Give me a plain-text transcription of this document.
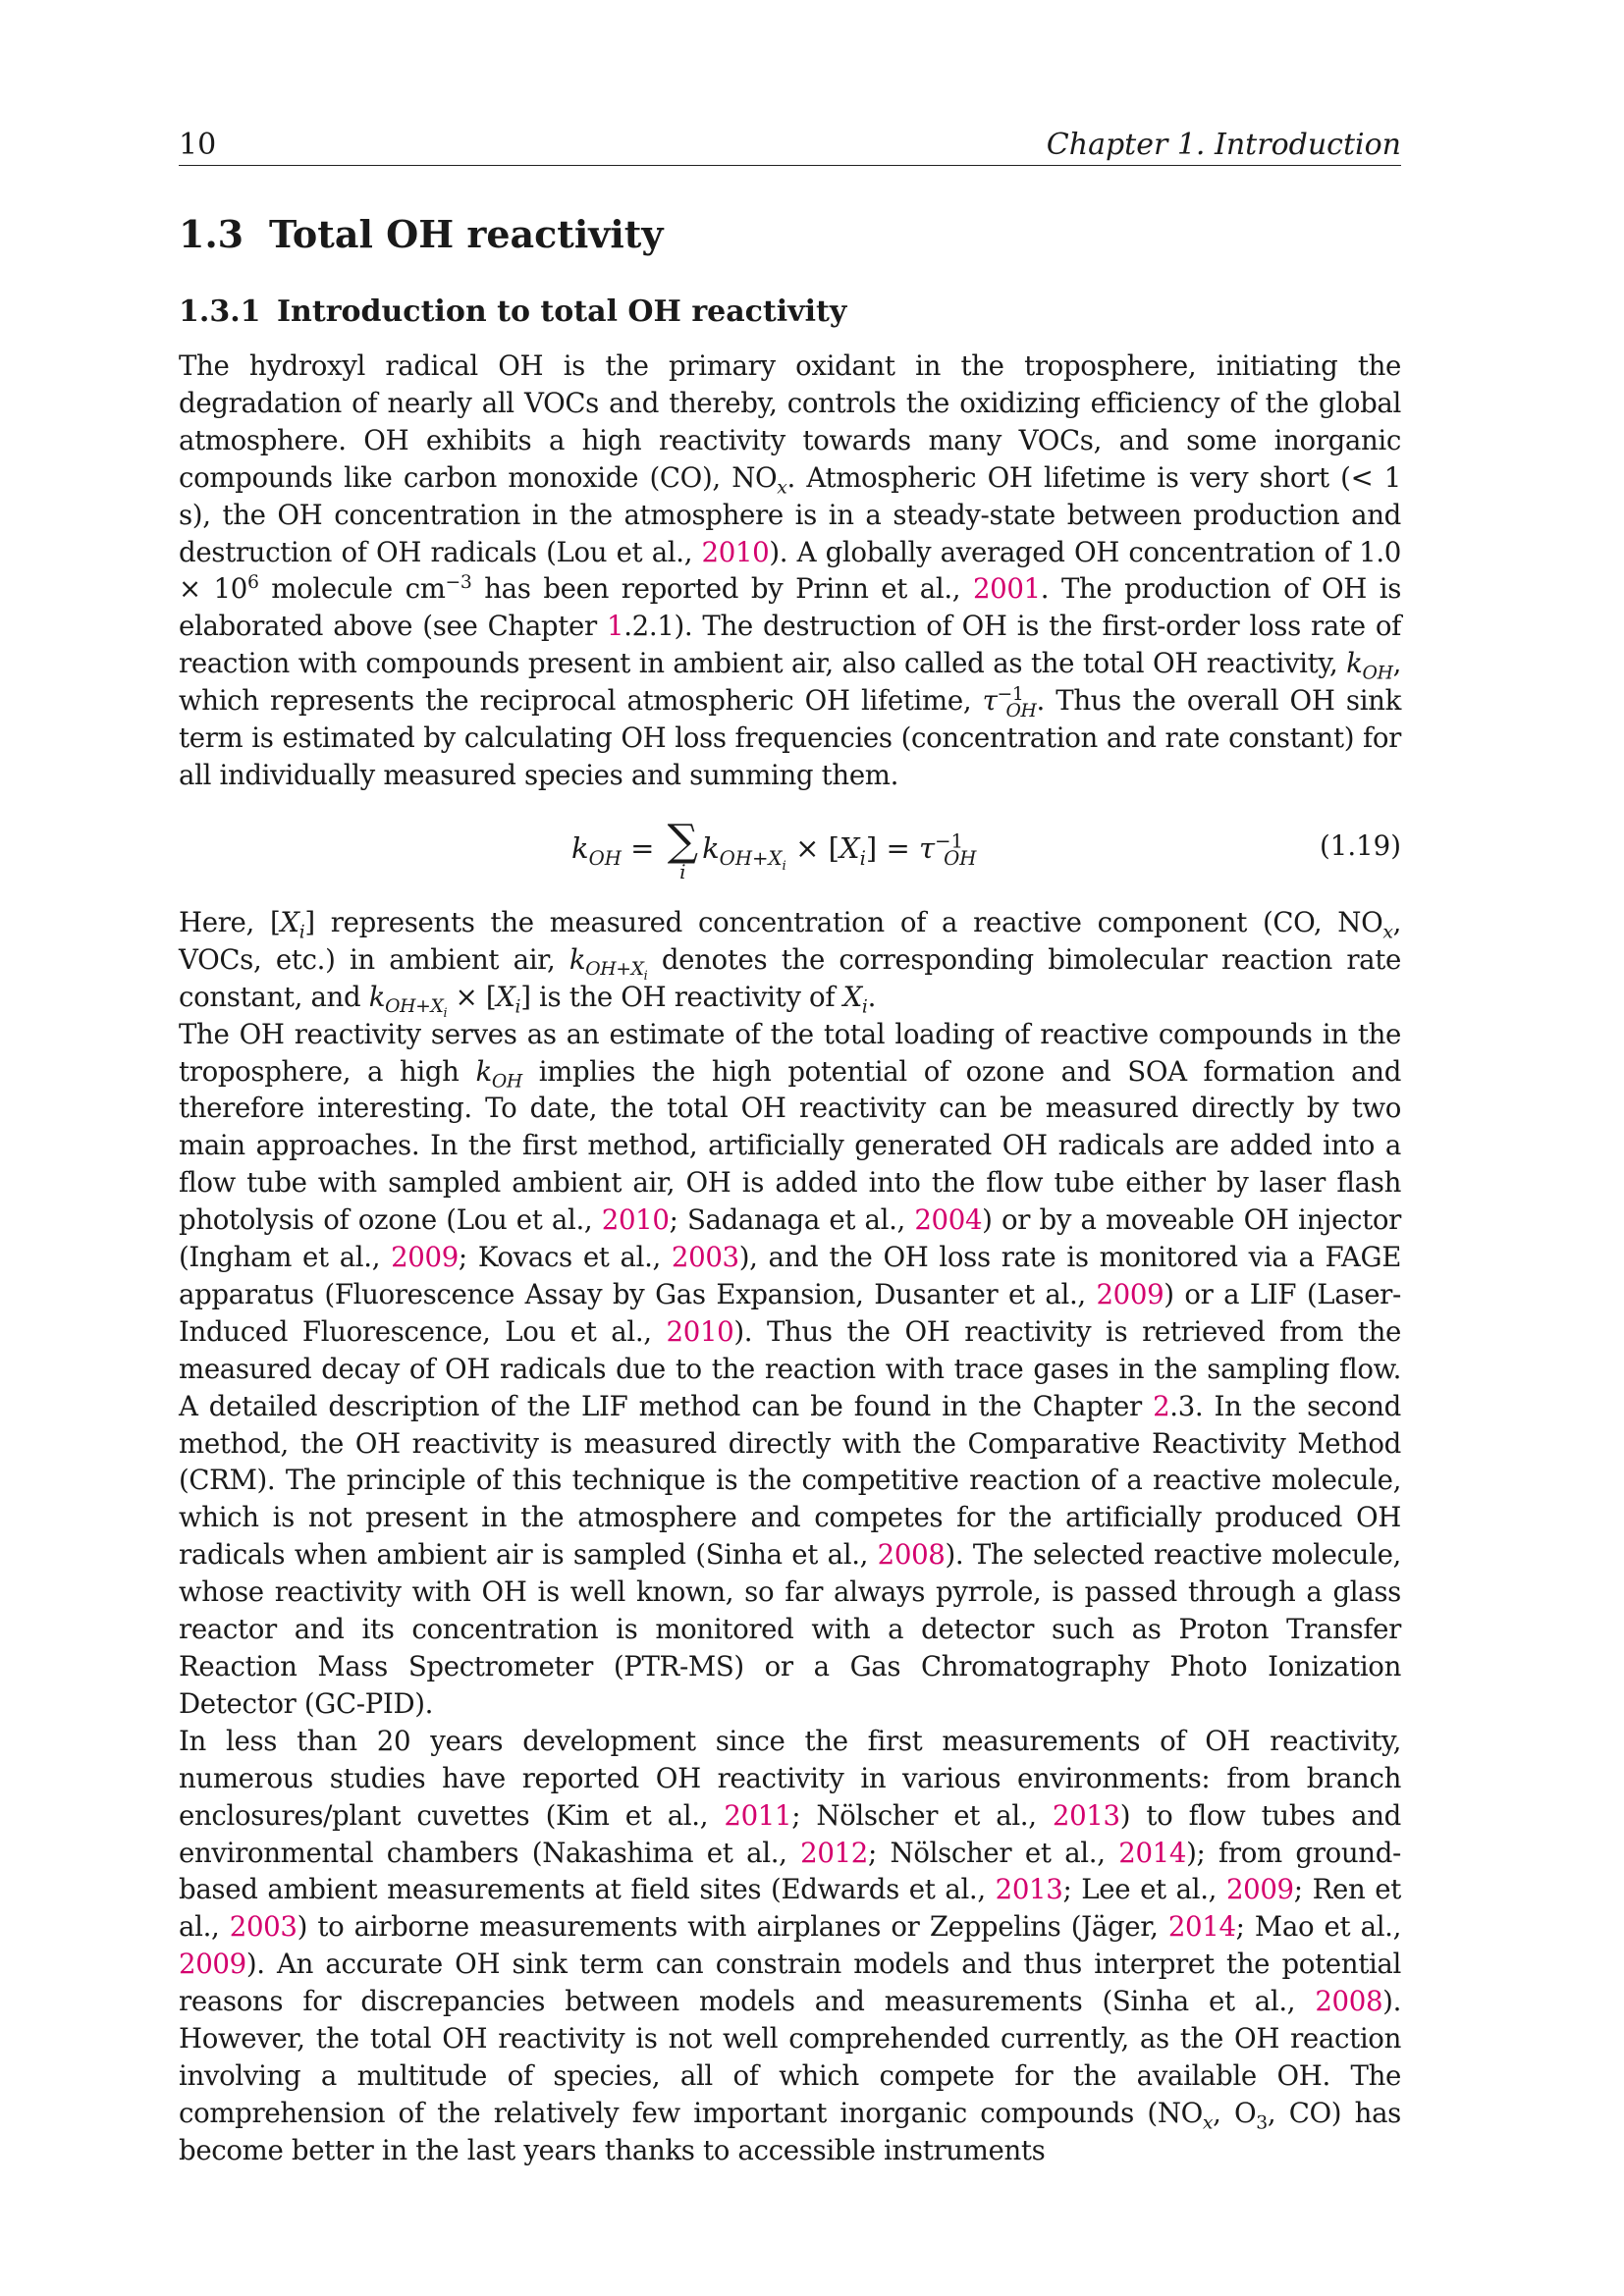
10	Chapter 1. Introduction
1.3 Total OH reactivity
1.3.1 Introduction to total OH reactivity

The hydroxyl radical OH is the primary oxidant in the troposphere, initiating the degradation of nearly all VOCs and thereby, controls the oxidizing efficiency of the global atmosphere. OH exhibits a high reactivity towards many VOCs, and some inorganic compounds like carbon monoxide (CO), $NO_x$. Atmospheric OH lifetime is very short (< 1 s), the OH concentration in the atmosphere is in a steady-state between production and destruction of OH radicals (Lou et al., 2010). A globally averaged OH concentration of $1.0 \times 10^6$ molecule $cm^{-3}$ has been reported by Prinn et al., 2001. The production of OH is elaborated above (see Chapter 1.2.1). The destruction of OH is the first-order loss rate of reaction with compounds present in ambient air, also called as the total OH reactivity, $k_{OH}$, which represents the reciprocal atmospheric OH lifetime, $\tau^{-1}_{OH}$. Thus the overall OH sink term is estimated by calculating OH loss frequencies (concentration and rate constant) for all individually measured species and summing them.

$k_{OH}$ = ∑
i
$k_{OH+X_i} \times [X_i] = \tau^{-1}_{OH}$	(1.19)

Here, $[X_i]$ represents the measured concentration of a reactive component (CO, $NO_x$, VOCs, etc.) in ambient air, $k_{OH+X_i}$ denotes the corresponding bimolecular reaction rate constant, and $k_{OH+X_i} \times [X_i]$ is the OH reactivity of $X_i$.

The OH reactivity serves as an estimate of the total loading of reactive compounds in the troposphere, a high $k_{OH}$ implies the high potential of ozone and SOA formation and therefore interesting. To date, the total OH reactivity can be measured directly by two main approaches. In the first method, artificially generated OH radicals are added into a flow tube with sampled ambient air, OH is added into the flow tube either by laser flash photolysis of ozone (Lou et al., 2010; Sadanaga et al., 2004) or by a moveable OH injector (Ingham et al., 2009; Kovacs et al., 2003), and the OH loss rate is monitored via a FAGE apparatus (Fluorescence Assay by Gas Expansion, Dusanter et al., 2009) or a LIF (Laser-Induced Fluorescence, Lou et al., 2010). Thus the OH reactivity is retrieved from the measured decay of OH radicals due to the reaction with trace gases in the sampling flow. A detailed description of the LIF method can be found in the Chapter 2.3. In the second method, the OH reactivity is measured directly with the Comparative Reactivity Method (CRM). The principle of this technique is the competitive reaction of a reactive molecule, which is not present in the atmosphere and competes for the artificially produced OH radicals when ambient air is sampled (Sinha et al., 2008). The selected reactive molecule, whose reactivity with OH is well known, so far always pyrrole, is passed through a glass reactor and its concentration is monitored with a detector such as Proton Transfer Reaction Mass Spectrometer (PTR-MS) or a Gas Chromatography Photo Ionization Detector (GC-PID).

In less than 20 years development since the first measurements of OH reactivity, numerous studies have reported OH reactivity in various environments: from branch enclosures/plant cuvettes (Kim et al., 2011; Nölscher et al., 2013) to flow tubes and environmental chambers (Nakashima et al., 2012; Nölscher et al., 2014); from ground-based ambient measurements at field sites (Edwards et al., 2013; Lee et al., 2009; Ren et al., 2003) to airborne measurements with airplanes or Zeppelins (Jäger, 2014; Mao et al., 2009). An accurate OH sink term can constrain models and thus interpret the potential reasons for discrepancies between models and measurements (Sinha et al., 2008). However, the total OH reactivity is not well comprehended currently, as the OH reaction involving a multitude of species, all of which compete for the available OH. The comprehension of the relatively few important inorganic compounds ($NO_x$, $O_3$, CO) has become better in the last years thanks to accessible instruments
